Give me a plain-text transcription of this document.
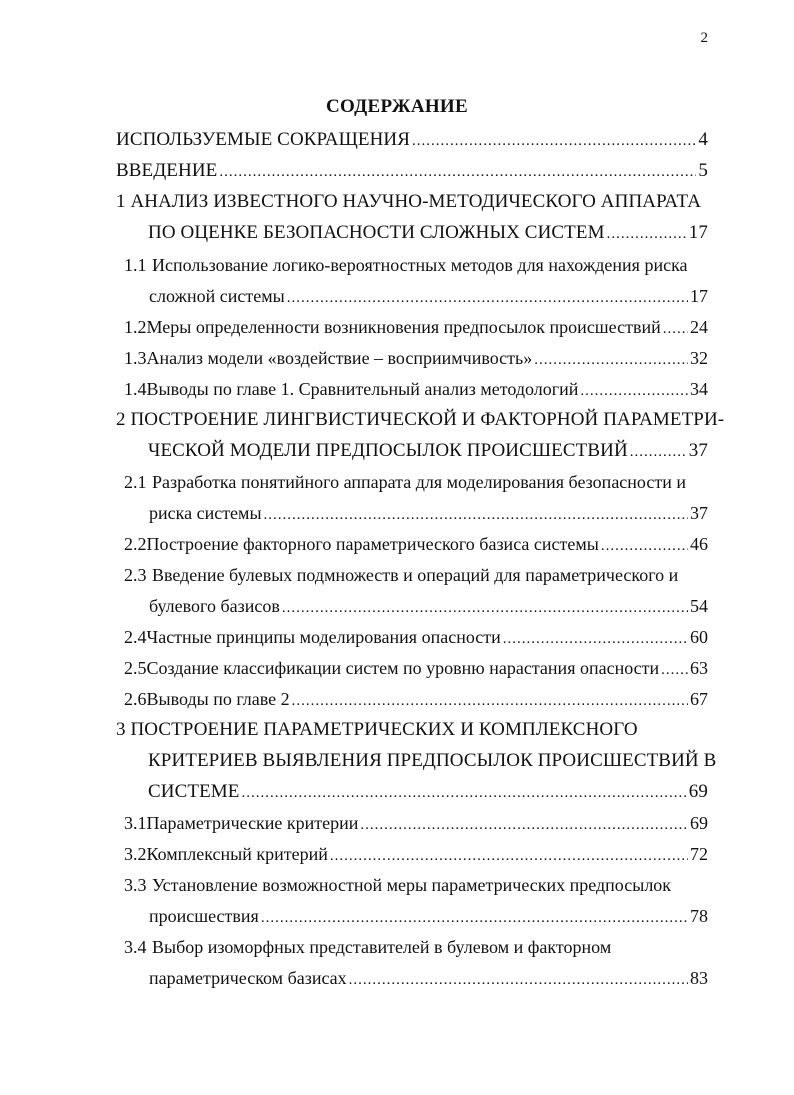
2
СОДЕРЖАНИЕ
ИСПОЛЬЗУЕМЫЕ СОКРАЩЕНИЯ .....	4
ВВЕДЕНИЕ .....	5
1 АНАЛИЗ ИЗВЕСТНОГО НАУЧНО-МЕТОДИЧЕСКОГО АППАРАТА
ПО ОЦЕНКЕ БЕЗОПАСНОСТИ СЛОЖНЫХ СИСТЕМ .....	17
1.1 Использование логико-вероятностных методов для нахождения риска
сложной системы .....	17
1.2 Меры определенности возникновения предпосылок происшествий ..... 24
1.3 Анализ модели «воздействие – восприимчивость» .....	32
1.4 Выводы по главе 1. Сравнительный анализ методологий .....	34
2 ПОСТРОЕНИЕ ЛИНГВИСТИЧЕСКОЙ И ФАКТОРНОЙ ПАРАМЕТРИ-
ЧЕСКОЙ МОДЕЛИ ПРЕДПОСЫЛОК ПРОИСШЕСТВИЙ .....	37
2.1 Разработка понятийного аппарата для моделирования безопасности и
риска системы .....	37
2.2 Построение факторного параметрического базиса системы .....	46
2.3 Введение булевых подмножеств и операций для параметрического и
булевого базисов .....	54
2.4 Частные принципы моделирования опасности .....	60
2.5 Создание классификации систем по уровню нарастания опасности ..... 63
2.6 Выводы по главе 2 .....	67
3 ПОСТРОЕНИЕ ПАРАМЕТРИЧЕСКИХ И КОМПЛЕКСНОГО
КРИТЕРИЕВ ВЫЯВЛЕНИЯ ПРЕДПОСЫЛОК ПРОИСШЕСТВИЙ В
СИСТЕМЕ .....	69
3.1 Параметрические критерии .....	69
3.2 Комплексный критерий .....	72
3.3 Установление возможностной меры параметрических предпосылок
происшествия .....	78
3.4 Выбор изоморфных представителей в булевом и факторном
параметрическом базисах .....	83
